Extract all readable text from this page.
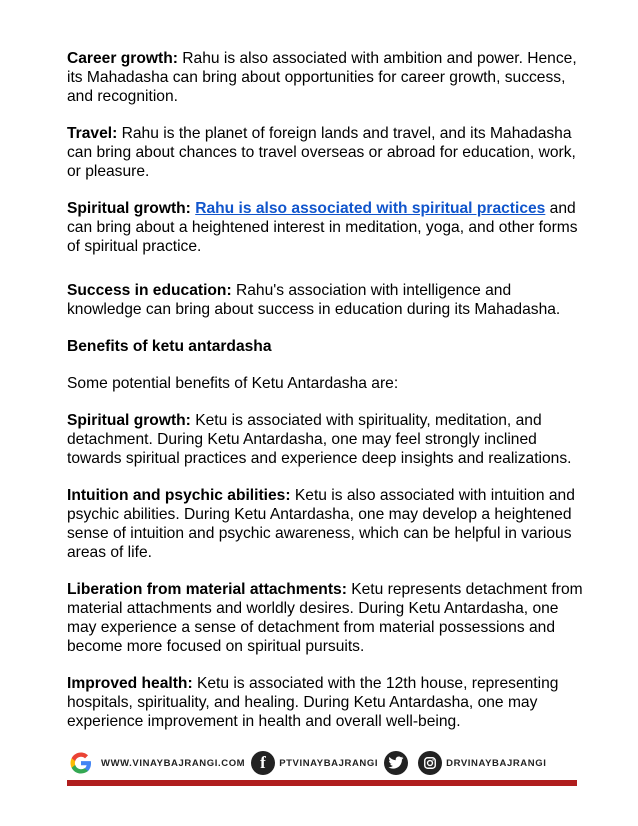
Career growth: Rahu is also associated with ambition and power. Hence, its Mahadasha can bring about opportunities for career growth, success, and recognition.

Travel: Rahu is the planet of foreign lands and travel, and its Mahadasha can bring about chances to travel overseas or abroad for education, work, or pleasure.

Spiritual growth: Rahu is also associated with spiritual practices and can bring about a heightened interest in meditation, yoga, and other forms of spiritual practice.

Success in education: Rahu's association with intelligence and knowledge can bring about success in education during its Mahadasha.

Benefits of ketu antardasha

Some potential benefits of Ketu Antardasha are:

Spiritual growth: Ketu is associated with spirituality, meditation, and detachment. During Ketu Antardasha, one may feel strongly inclined towards spiritual practices and experience deep insights and realizations.

Intuition and psychic abilities: Ketu is also associated with intuition and psychic abilities. During Ketu Antardasha, one may develop a heightened sense of intuition and psychic awareness, which can be helpful in various areas of life.

Liberation from material attachments: Ketu represents detachment from material attachments and worldly desires. During Ketu Antardasha, one may experience a sense of detachment from material possessions and become more focused on spiritual pursuits.

Improved health: Ketu is associated with the 12th house, representing hospitals, spirituality, and healing. During Ketu Antardasha, one may experience improvement in health and overall well-being.

WWW.VINAYBAJRANGI.COM f	PTVINAYBAJRANGI	DRVINAYBAJRANGI
